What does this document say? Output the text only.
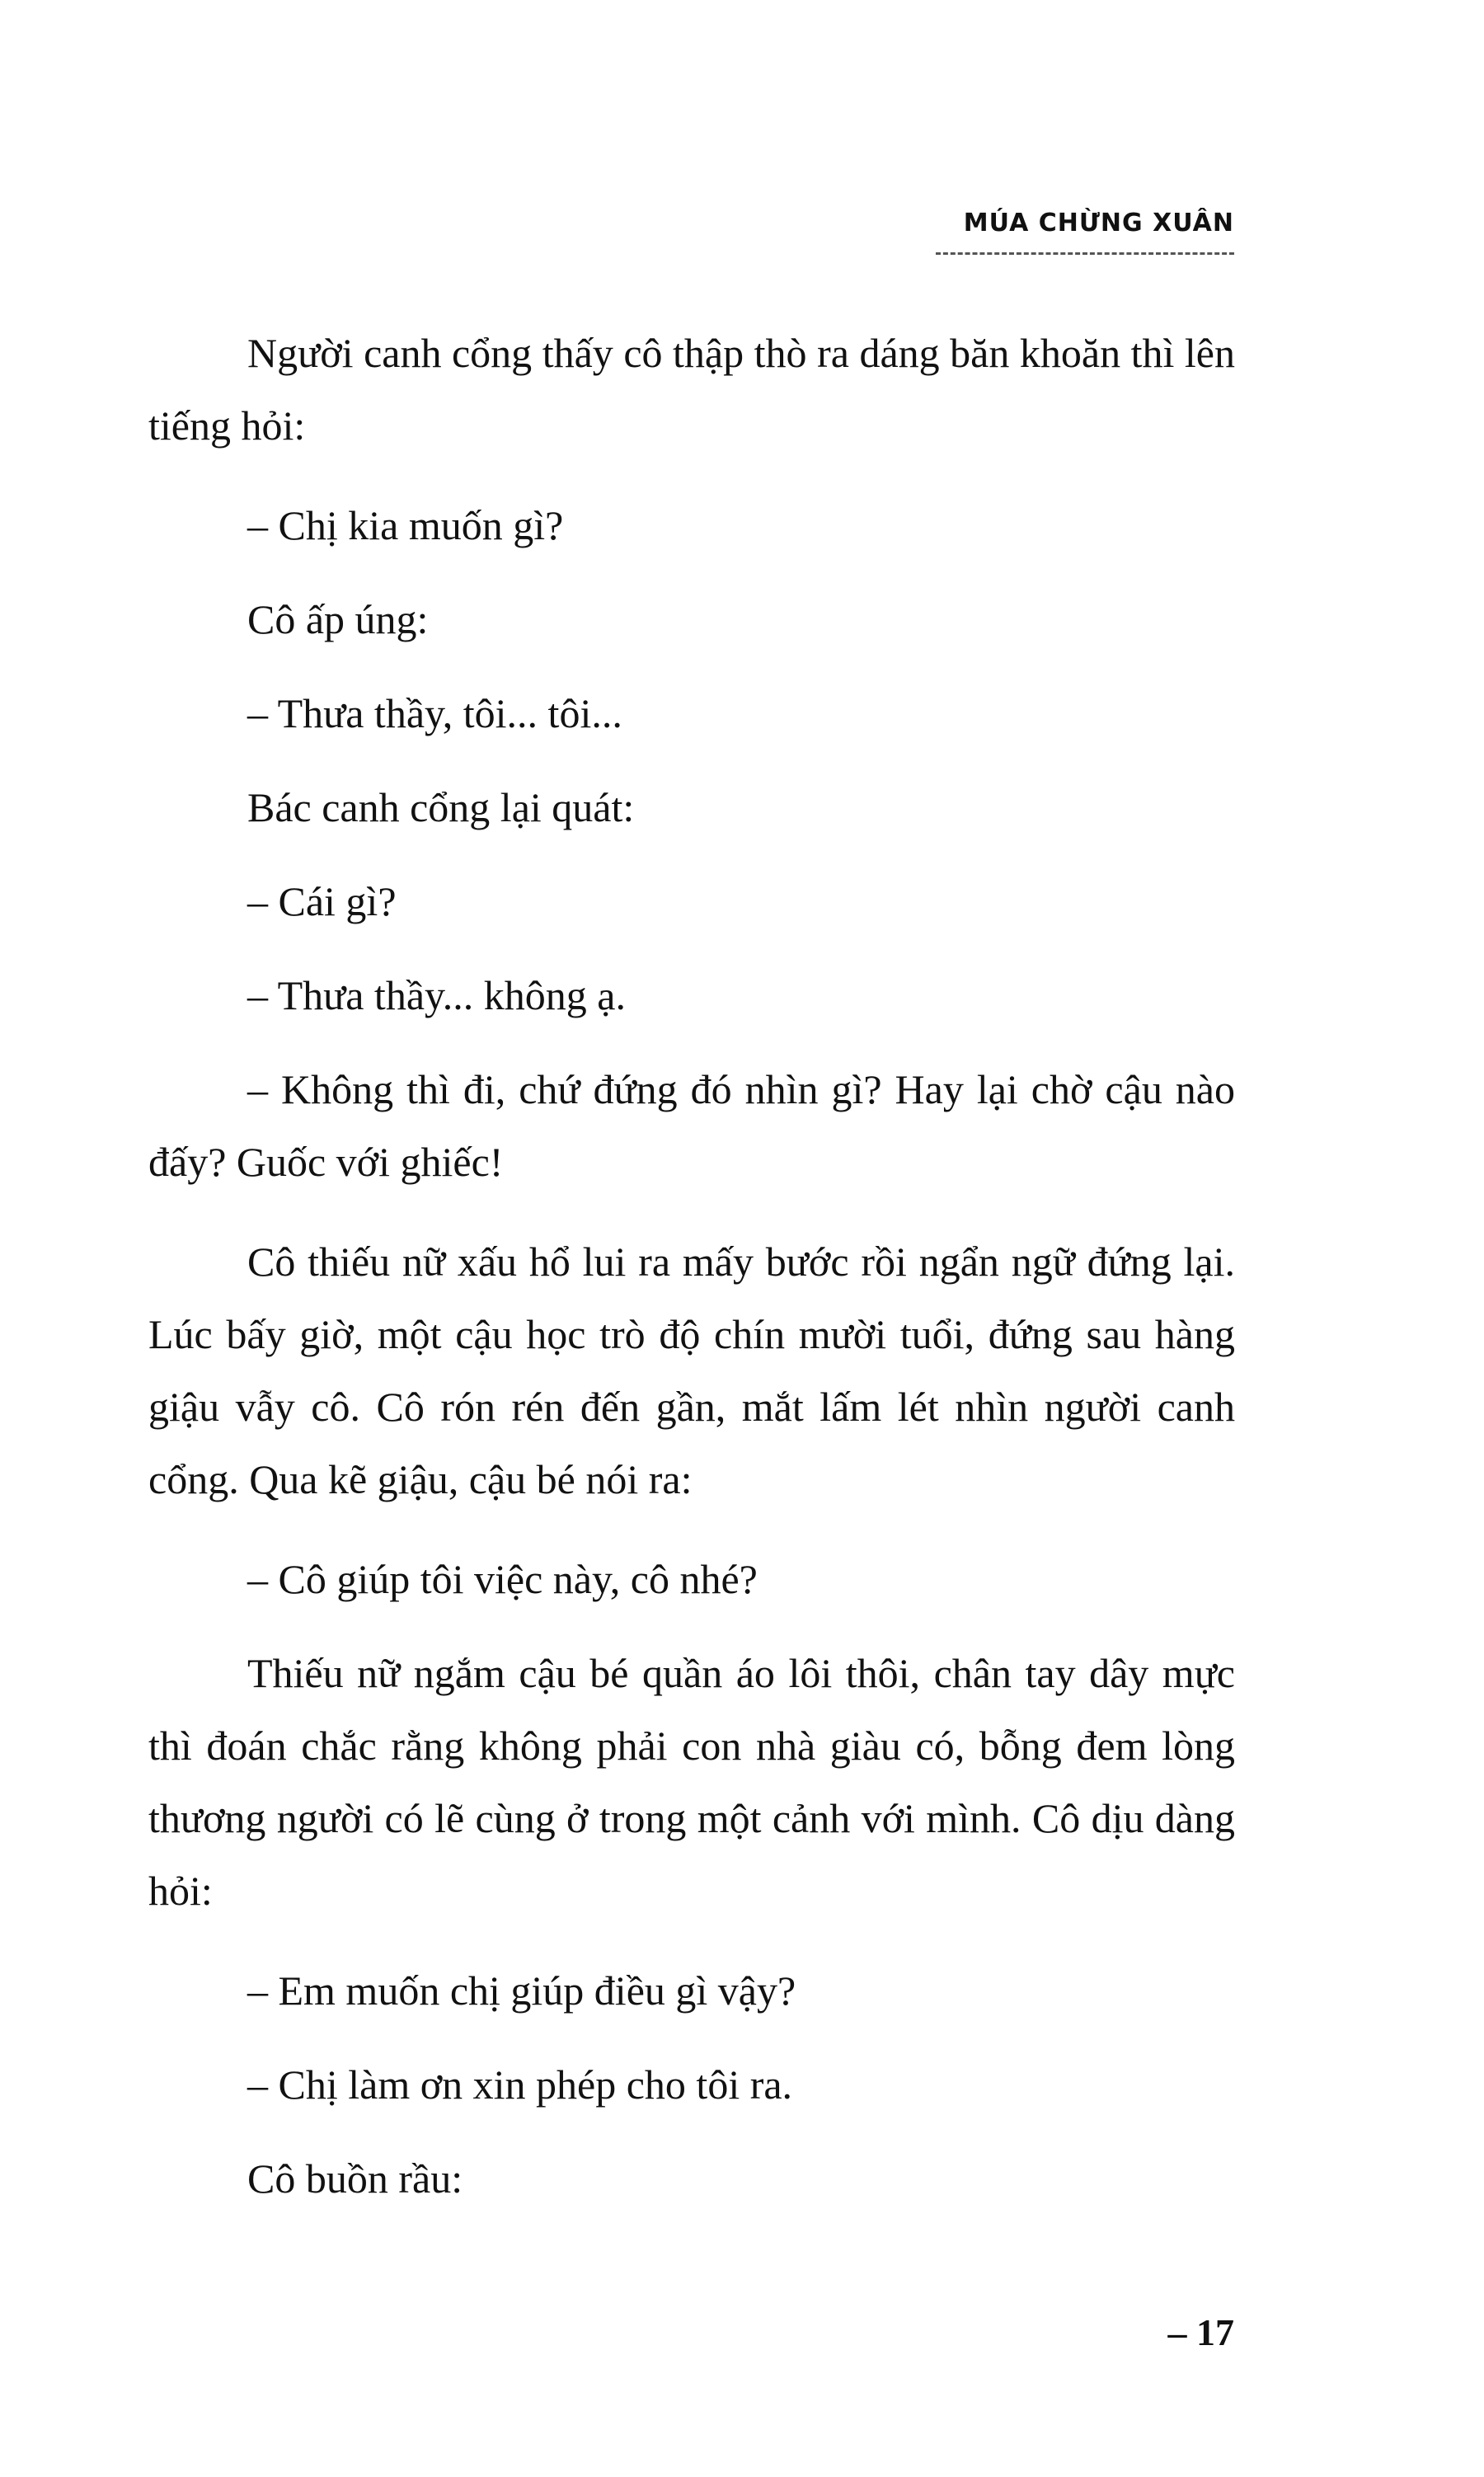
MÚA CHỪNG XUÂN

Người canh cổng thấy cô thập thò ra dáng băn khoăn thì lên tiếng hỏi:

– Chị kia muốn gì?

Cô ấp úng:

– Thưa thầy, tôi... tôi...

Bác canh cổng lại quát:

– Cái gì?

– Thưa thầy... không ạ.

– Không thì đi, chứ đứng đó nhìn gì? Hay lại chờ cậu nào đấy? Guốc với ghiếc!

Cô thiếu nữ xấu hổ lui ra mấy bước rồi ngẩn ngữ đứng lại. Lúc bấy giờ, một cậu học trò độ chín mười tuổi, đứng sau hàng giậu vẫy cô. Cô rón rén đến gần, mắt lấm lét nhìn người canh cổng. Qua kẽ giậu, cậu bé nói ra:

– Cô giúp tôi việc này, cô nhé?

Thiếu nữ ngắm cậu bé quần áo lôi thôi, chân tay dây mực thì đoán chắc rằng không phải con nhà giàu có, bỗng đem lòng thương người có lẽ cùng ở trong một cảnh với mình. Cô dịu dàng hỏi:

– Em muốn chị giúp điều gì vậy?

– Chị làm ơn xin phép cho tôi ra.

Cô buồn rầu:

– 17
